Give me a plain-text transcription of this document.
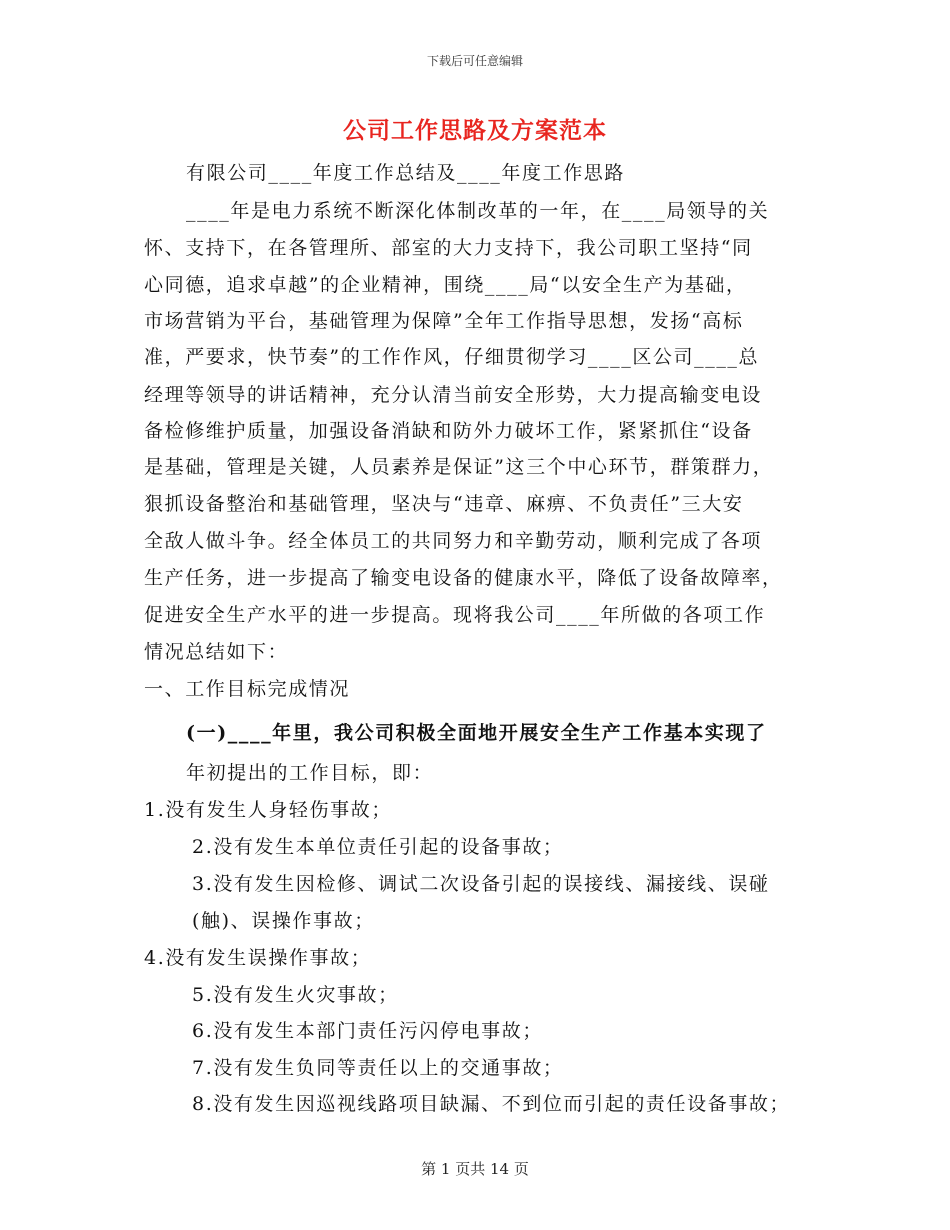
下载后可任意编辑
公司工作思路及方案范本
有限公司____年度工作总结及____年度工作思路
____年是电力系统不断深化体制改革的一年，在____局领导的关
怀、支持下，在各管理所、部室的大力支持下，我公司职工坚持“同
心同德，追求卓越”的企业精神，围绕____局“以安全生产为基础，
市场营销为平台，基础管理为保障”全年工作指导思想，发扬“高标
准，严要求，快节奏”的工作作风，仔细贯彻学习____区公司____总
经理等领导的讲话精神，充分认清当前安全形势，大力提高输变电设
备检修维护质量，加强设备消缺和防外力破坏工作，紧紧抓住“设备
是基础，管理是关键，人员素养是保证”这三个中心环节，群策群力，
狠抓设备整治和基础管理，坚决与“违章、麻痹、不负责任”三大安
全敌人做斗争。经全体员工的共同努力和辛勤劳动，顺利完成了各项
生产任务，进一步提高了输变电设备的健康水平，降低了设备故障率，
促进安全生产水平的进一步提高。现将我公司____年所做的各项工作
情况总结如下：
一、工作目标完成情况
(一)____年里，我公司积极全面地开展安全生产工作基本实现了
年初提出的工作目标，即：
1.没有发生人身轻伤事故；
2.没有发生本单位责任引起的设备事故；
3.没有发生因检修、调试二次设备引起的误接线、漏接线、误碰
(触)、误操作事故；
4.没有发生误操作事故；
5.没有发生火灾事故；
6.没有发生本部门责任污闪停电事故；
7.没有发生负同等责任以上的交通事故；
8.没有发生因巡视线路项目缺漏、不到位而引起的责任设备事故；
第 1 页共 14 页
